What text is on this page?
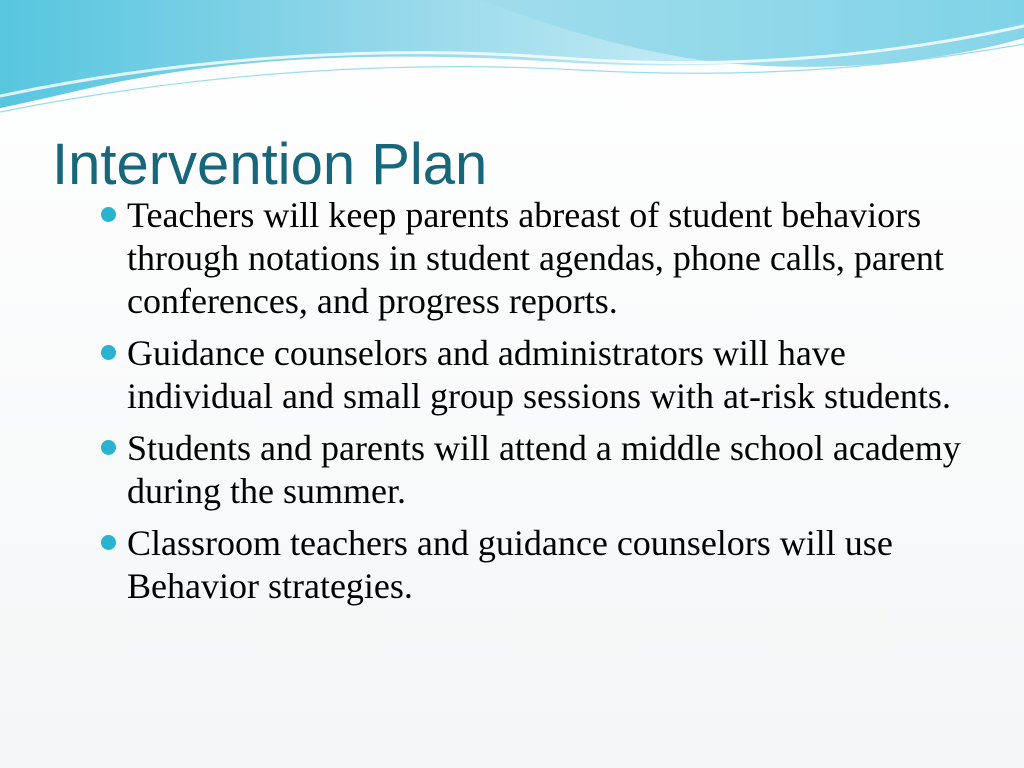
Intervention Plan
Teachers will keep parents abreast of student behaviors through notations in student agendas, phone calls, parent conferences, and progress reports.
Guidance counselors and administrators will have individual and small group sessions with at-risk students.
Students and parents will attend a middle school academy during the summer.
Classroom teachers and guidance counselors will use Behavior strategies.
